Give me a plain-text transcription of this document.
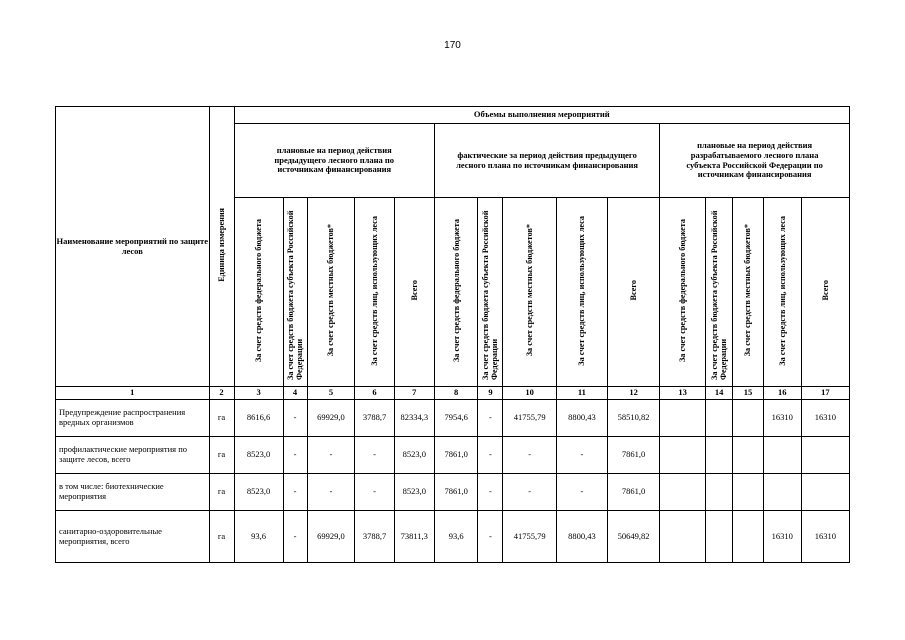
170
Наименование мероприятий по защите лесов	Единица измерения	Объемы выполнения мероприятий														
		плановые на период действия предыдущего лесного плана по источникам финансирования					фактические за период действия предыдущего лесного плана по источникам финансирования					плановые на период действия разрабатываемого лесного плана субъекта Российской Федерации по источникам финансирования				
		За счет средств федерального бюджета	За счет средств бюджета субъекта Российской Федерации	За счет средств местных бюджетов*	За счет средств лиц, использующих леса	Всего	За счет средств федерального бюджета	За счет средств бюджета субъекта Российской Федерации	За счет средств местных бюджетов*	За счет средств лиц, использующих леса	Всего	За счет средств федерального бюджета	За счет средств бюджета субъекта Российской Федерации	За счет средств местных бюджетов*	За счет средств лиц, использующих леса	Всего
1	2	3	4	5	6	7	8	9	10	11	12	13	14	15	16	17
Предупреждение распространения вредных организмов	га	8616,6	-	69929,0	3788,7	82334,3	7954,6	-	41755,79	8800,43	58510,82				16310	16310
профилактические мероприятия по защите лесов, всего	га	8523,0	-	-	-	8523,0	7861,0	-	-	-	7861,0					
в том числе: биотехнические мероприятия	га	8523,0	-	-	-	8523,0	7861,0	-	-	-	7861,0					
санитарно-оздоровительные мероприятия, всего	га	93,6	-	69929,0	3788,7	73811,3	93,6	-	41755,79	8800,43	50649,82				16310	16310
